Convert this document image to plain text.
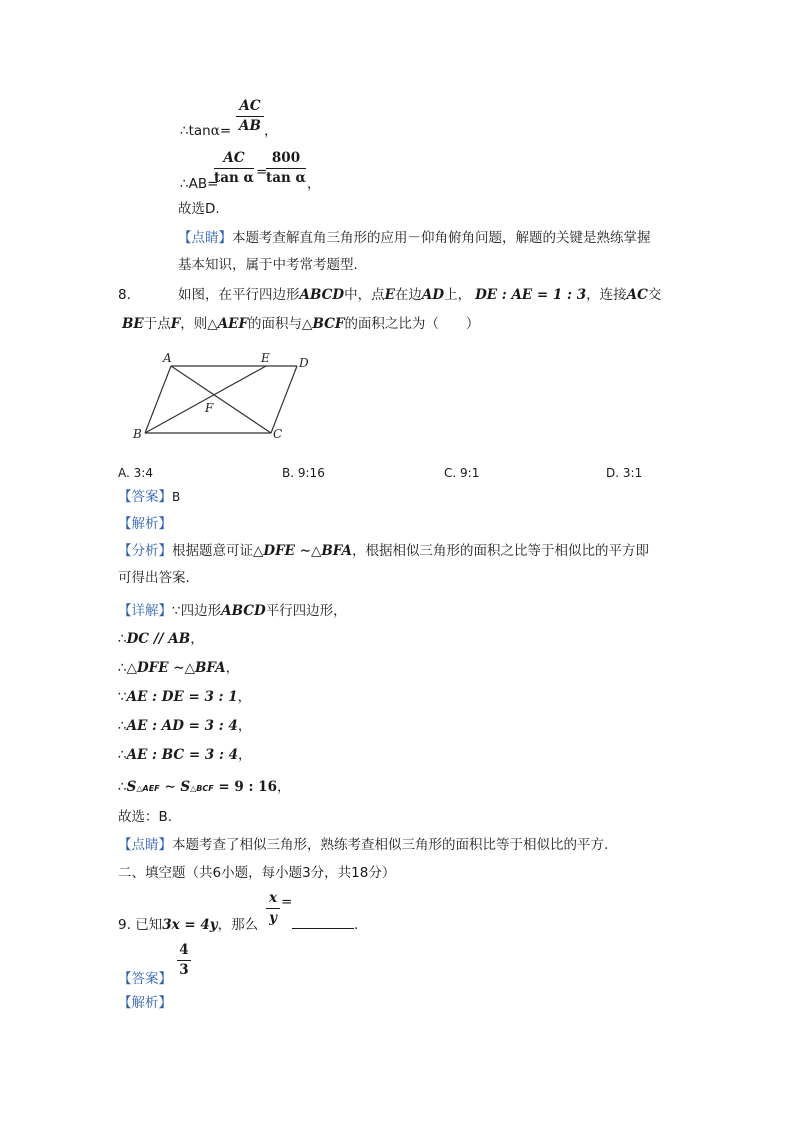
∴tanα=
AC
AB ，
∴AB=
AC
tan α =
800
tan α ，
故选D.
【点睛】本题考查解直角三角形的应用－仰角俯角问题，解题的关键是熟练掌握
基本知识，属于中考常考题型.
8.	如图，在平行四边形ABCD中，点E在边AD上， DE : AE = 1 : 3，连接AC交
BE于点F，则△AEF的面积与△BCF的面积之比为（　　）
A	E D
F
B	C
A. 3:4	B. 9:16	C. 9:1	D. 3:1
【答案】B
【解析】
【分析】根据题意可证△DFE ∼△BFA，根据相似三角形的面积之比等于相似比的平方即
可得出答案.
【详解】∵四边形ABCD平行四边形，
∴DC // AB，
∴△DFE ∼△BFA，
∵AE : DE = 3 : 1，
∴AE : AD = 3 : 4，
∴AE : BC = 3 : 4，
∴S△AEF ∼ S△BCF = 9 : 16，
故选：B.
【点睛】本题考查了相似三角形，熟练考查相似三角形的面积比等于相似比的平方.
二、填空题（共6小题，每小题3分，共18分）
9. 已知3x = 4y，那么
x
y
=
.
【答案】
4
3
【解析】
